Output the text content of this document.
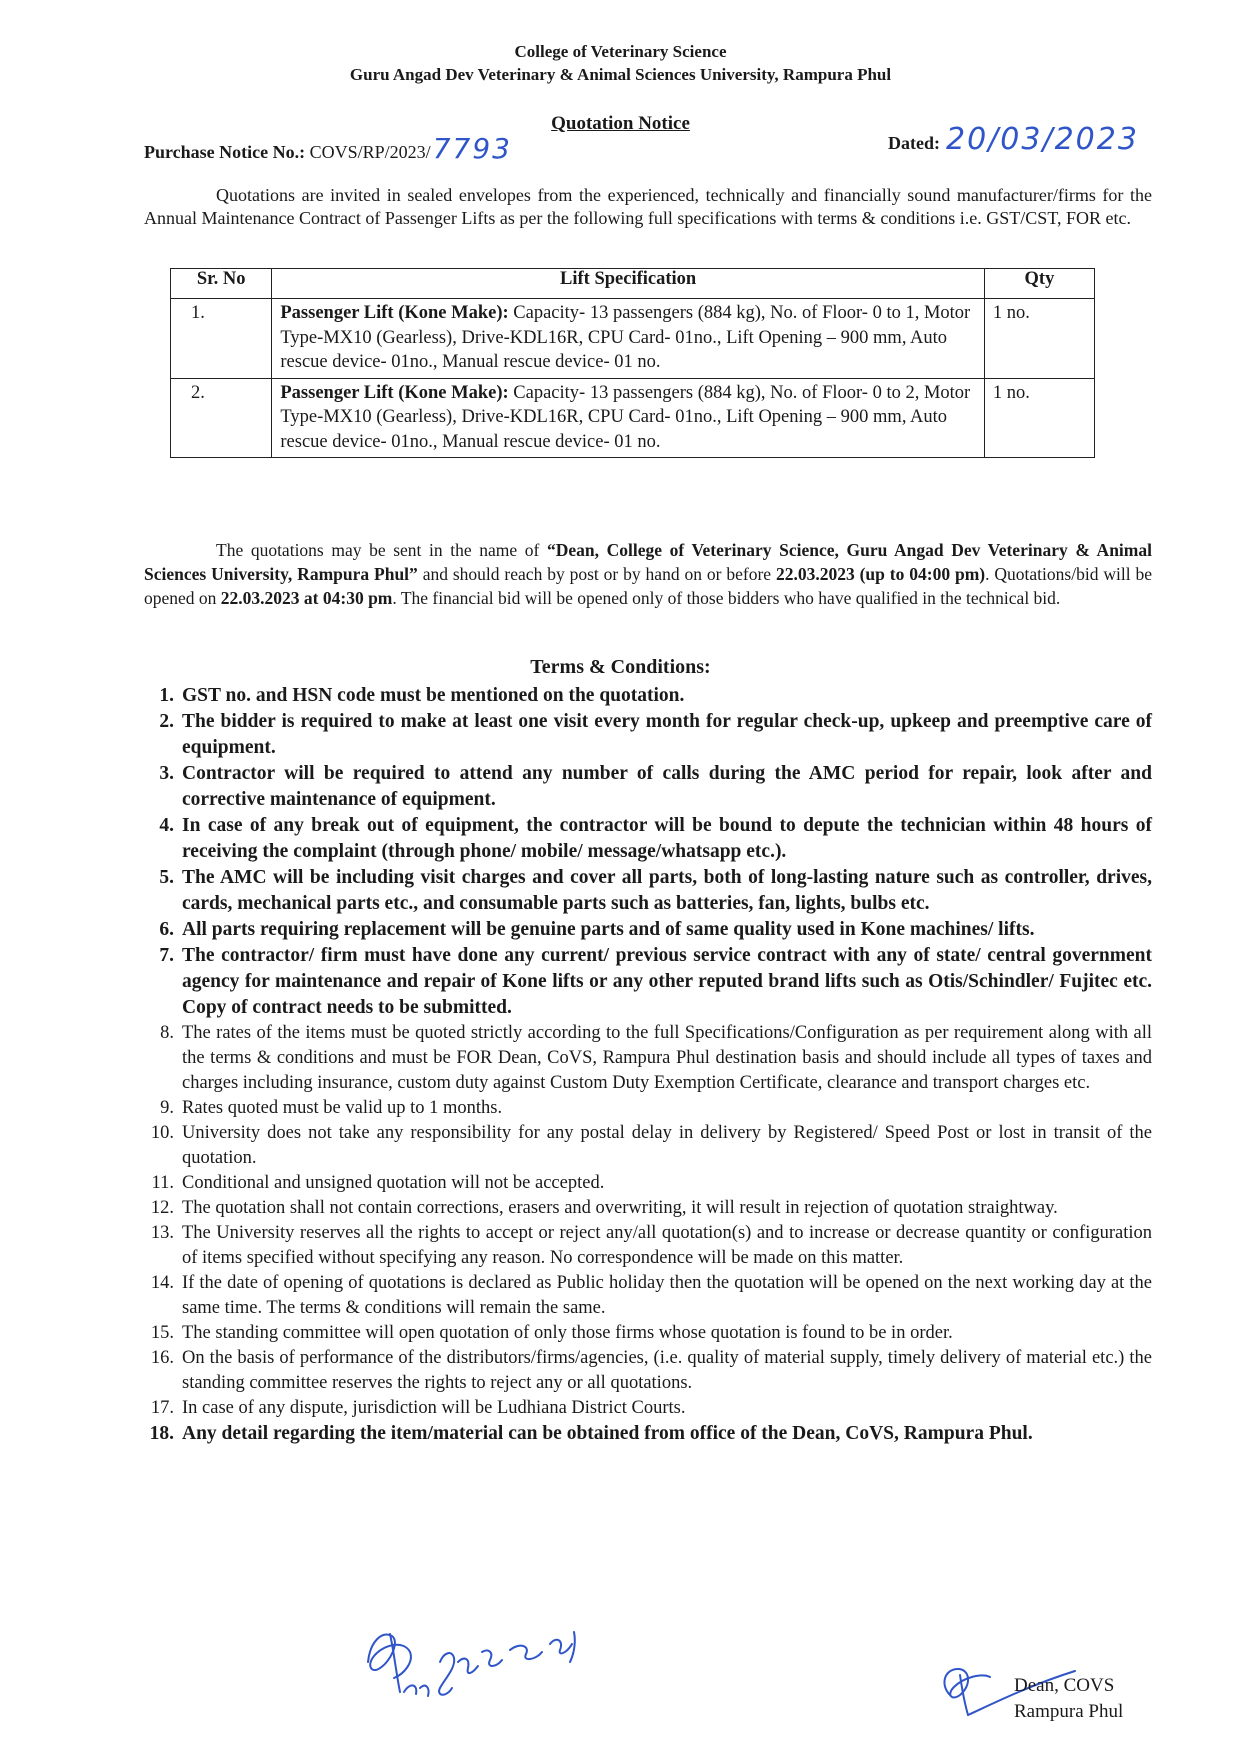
College of Veterinary Science
Guru Angad Dev Veterinary & Animal Sciences University, Rampura Phul
Quotation Notice
Purchase Notice No.: COVS/RP/2023/7793	Dated: 20/03/2023
Quotations are invited in sealed envelopes from the experienced, technically and financially sound manufacturer/firms for the Annual Maintenance Contract of Passenger Lifts as per the following full specifications with terms & conditions i.e. GST/CST, FOR etc.
Sr. No	Lift Specification	Qty
1.	Passenger Lift (Kone Make): Capacity- 13 passengers (884 kg), No. of Floor- 0 to 1, Motor Type-MX10 (Gearless), Drive-KDL16R, CPU Card- 01no., Lift Opening – 900 mm, Auto rescue device- 01no., Manual rescue device- 01 no.	1 no.
2.	Passenger Lift (Kone Make): Capacity- 13 passengers (884 kg), No. of Floor- 0 to 2, Motor Type-MX10 (Gearless), Drive-KDL16R, CPU Card- 01no., Lift Opening – 900 mm, Auto rescue device- 01no., Manual rescue device- 01 no.	1 no.
The quotations may be sent in the name of “Dean, College of Veterinary Science, Guru Angad Dev Veterinary & Animal Sciences University, Rampura Phul” and should reach by post or by hand on or before 22.03.2023 (up to 04:00 pm). Quotations/bid will be opened on 22.03.2023 at 04:30 pm. The financial bid will be opened only of those bidders who have qualified in the technical bid.
Terms & Conditions:
1. GST no. and HSN code must be mentioned on the quotation.
2. The bidder is required to make at least one visit every month for regular check-up, upkeep and preemptive care of equipment.
3. Contractor will be required to attend any number of calls during the AMC period for repair, look after and corrective maintenance of equipment.
4. In case of any break out of equipment, the contractor will be bound to depute the technician within 48 hours of receiving the complaint (through phone/ mobile/ message/whatsapp etc.).
5. The AMC will be including visit charges and cover all parts, both of long-lasting nature such as controller, drives, cards, mechanical parts etc., and consumable parts such as batteries, fan, lights, bulbs etc.
6. All parts requiring replacement will be genuine parts and of same quality used in Kone machines/ lifts.
7. The contractor/ firm must have done any current/ previous service contract with any of state/ central government agency for maintenance and repair of Kone lifts or any other reputed brand lifts such as Otis/Schindler/ Fujitec etc. Copy of contract needs to be submitted.
8. The rates of the items must be quoted strictly according to the full Specifications/Configuration as per requirement along with all the terms & conditions and must be FOR Dean, CoVS, Rampura Phul destination basis and should include all types of taxes and charges including insurance, custom duty against Custom Duty Exemption Certificate, clearance and transport charges etc.
9. Rates quoted must be valid up to 1 months.
10. University does not take any responsibility for any postal delay in delivery by Registered/ Speed Post or lost in transit of the quotation.
11. Conditional and unsigned quotation will not be accepted.
12. The quotation shall not contain corrections, erasers and overwriting, it will result in rejection of quotation straightway.
13. The University reserves all the rights to accept or reject any/all quotation(s) and to increase or decrease quantity or configuration of items specified without specifying any reason. No correspondence will be made on this matter.
14. If the date of opening of quotations is declared as Public holiday then the quotation will be opened on the next working day at the same time. The terms & conditions will remain the same.
15. The standing committee will open quotation of only those firms whose quotation is found to be in order.
16. On the basis of performance of the distributors/firms/agencies, (i.e. quality of material supply, timely delivery of material etc.) the standing committee reserves the rights to reject any or all quotations.
17. In case of any dispute, jurisdiction will be Ludhiana District Courts.
18. Any detail regarding the item/material can be obtained from office of the Dean, CoVS, Rampura Phul.
Dean, COVS
Rampura Phul
